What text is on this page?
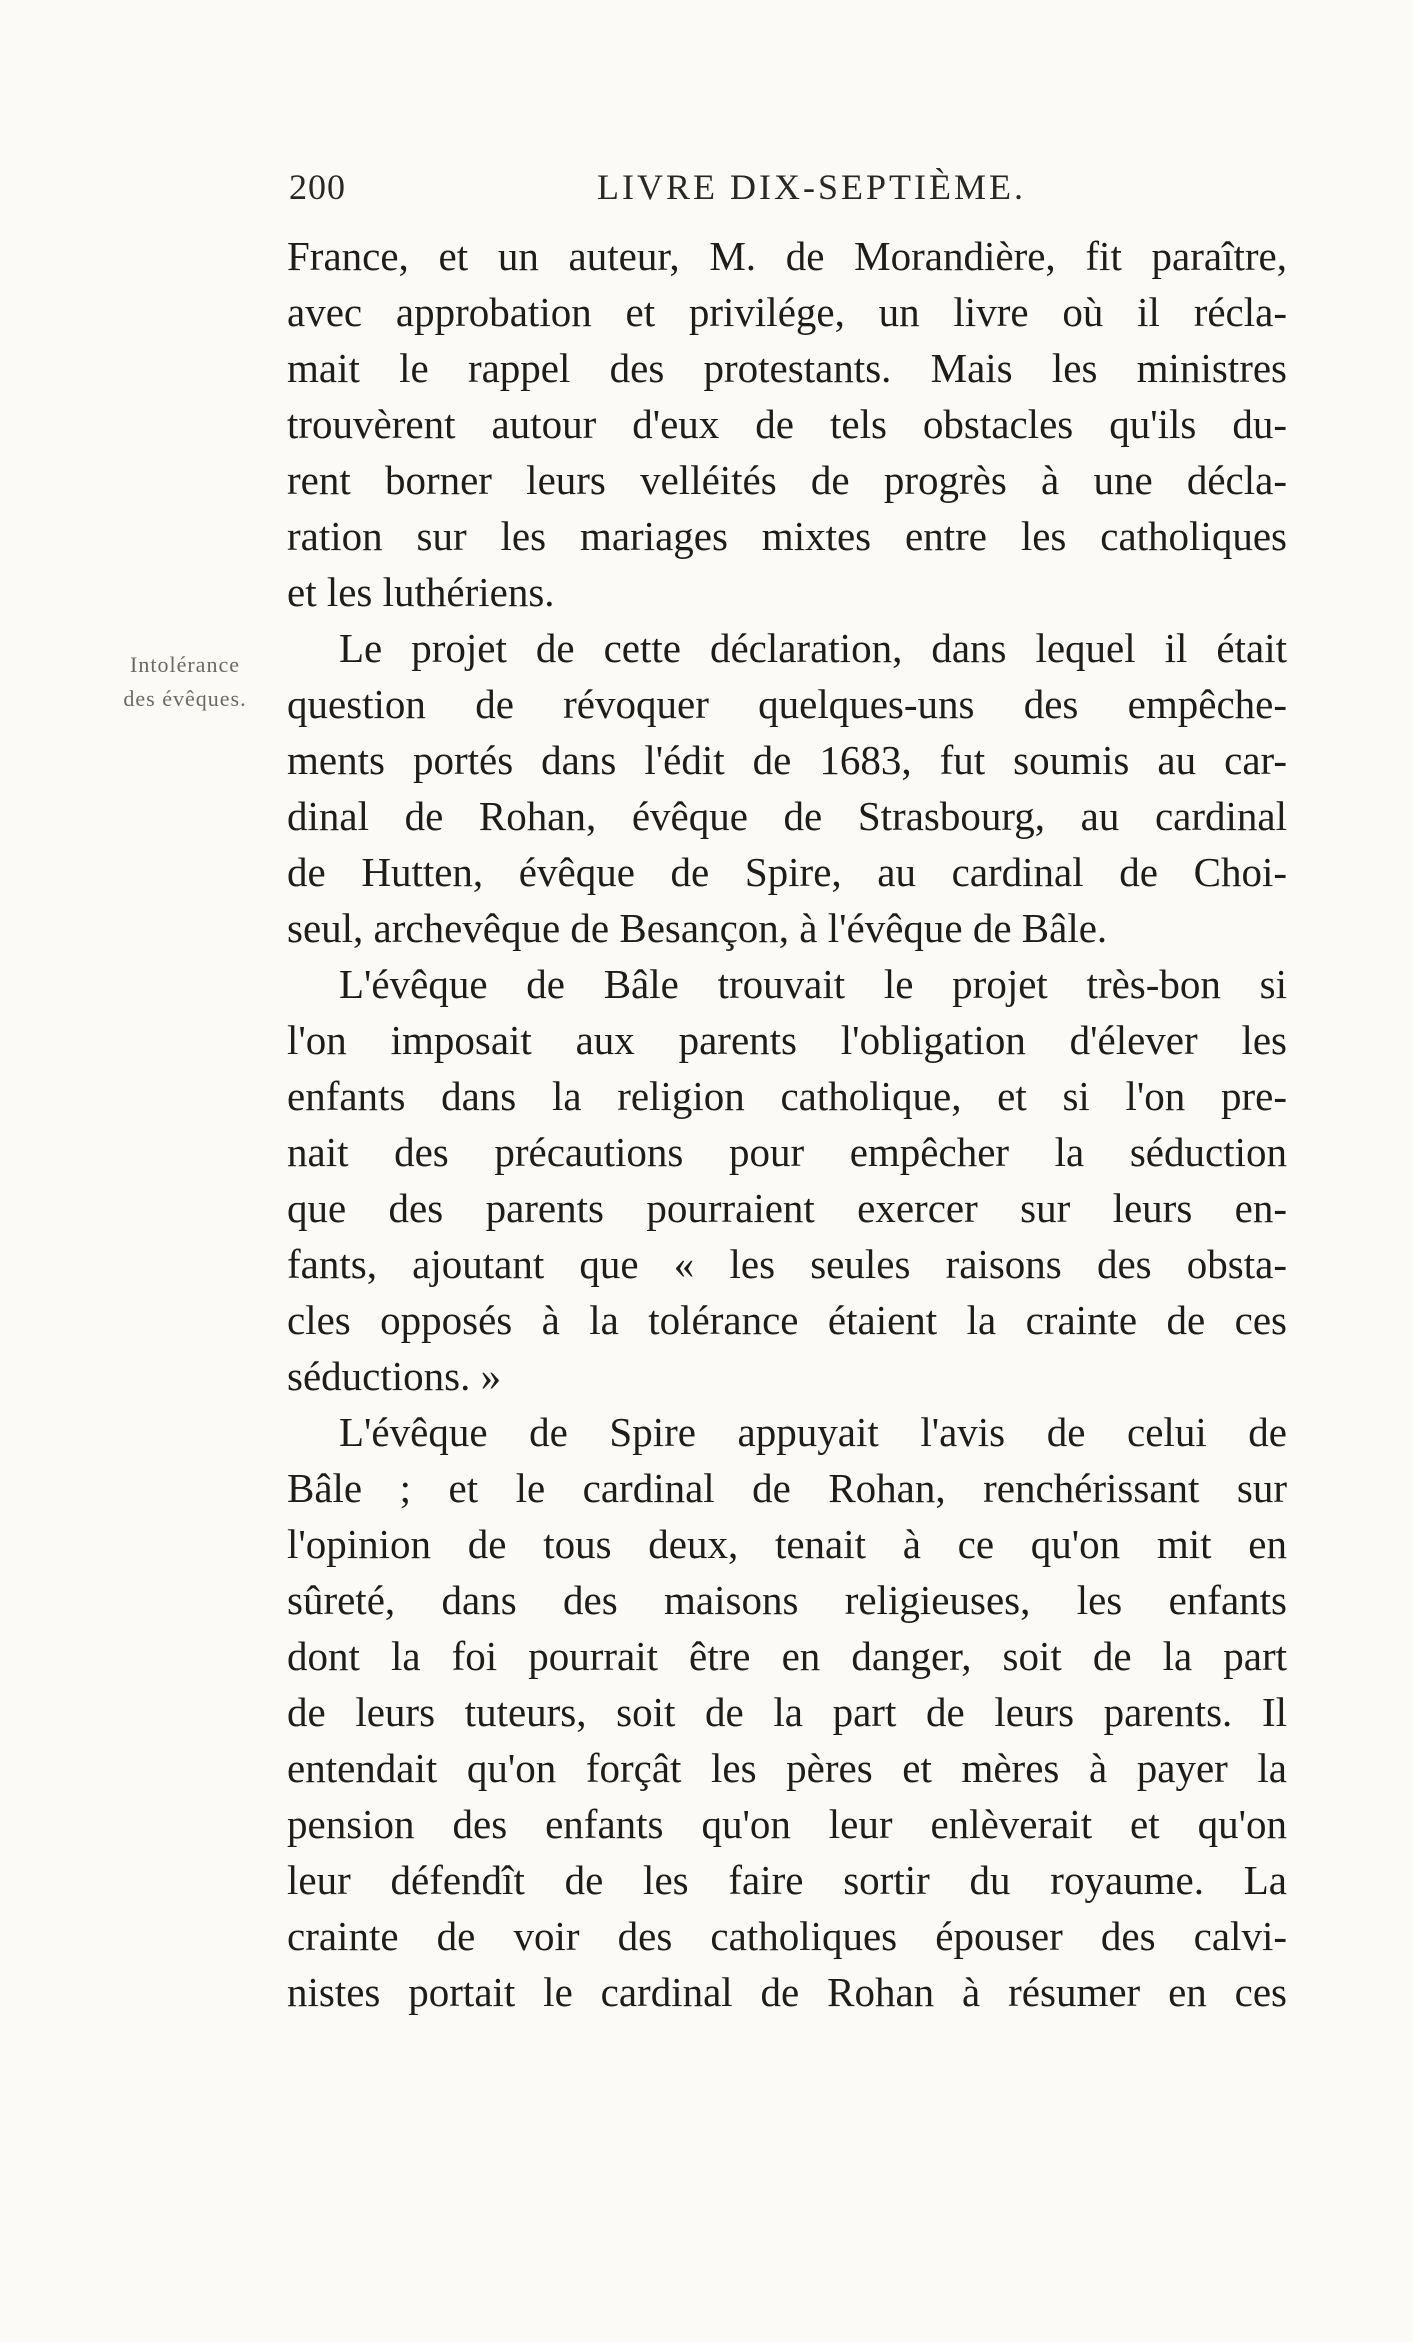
200	LIVRE DIX-SEPTIÈME.
Intolérance
des évêques.
France, et un auteur, M. de Morandière, fit paraître,
avec approbation et privilége, un livre où il récla-
mait le rappel des protestants. Mais les ministres
trouvèrent autour d'eux de tels obstacles qu'ils du-
rent borner leurs velléités de progrès à une décla-
ration sur les mariages mixtes entre les catholiques
et les luthériens.
Le projet de cette déclaration, dans lequel il était
question de révoquer quelques-uns des empêche-
ments portés dans l'édit de 1683, fut soumis au car-
dinal de Rohan, évêque de Strasbourg, au cardinal
de Hutten, évêque de Spire, au cardinal de Choi-
seul, archevêque de Besançon, à l'évêque de Bâle.
L'évêque de Bâle trouvait le projet très-bon si
l'on imposait aux parents l'obligation d'élever les
enfants dans la religion catholique, et si l'on pre-
nait des précautions pour empêcher la séduction
que des parents pourraient exercer sur leurs en-
fants, ajoutant que « les seules raisons des obsta-
cles opposés à la tolérance étaient la crainte de ces
séductions. »
L'évêque de Spire appuyait l'avis de celui de
Bâle ; et le cardinal de Rohan, renchérissant sur
l'opinion de tous deux, tenait à ce qu'on mit en
sûreté, dans des maisons religieuses, les enfants
dont la foi pourrait être en danger, soit de la part
de leurs tuteurs, soit de la part de leurs parents. Il
entendait qu'on forçât les pères et mères à payer la
pension des enfants qu'on leur enlèverait et qu'on
leur défendît de les faire sortir du royaume. La
crainte de voir des catholiques épouser des calvi-
nistes portait le cardinal de Rohan à résumer en ces
